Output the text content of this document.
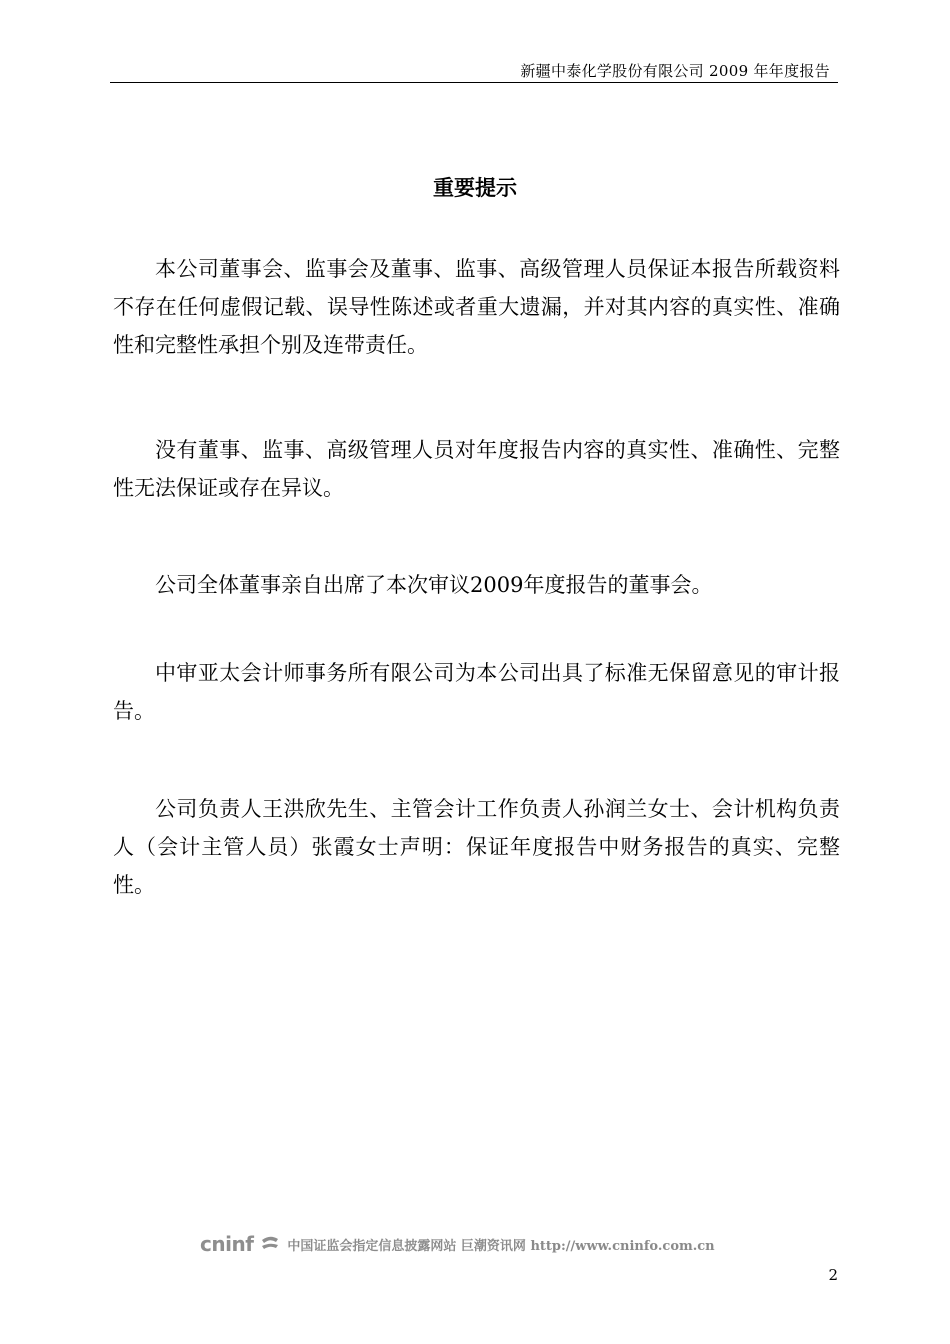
新疆中泰化学股份有限公司 2009 年年度报告
重要提示

本公司董事会、监事会及董事、监事、高级管理人员保证本报告所载资料不存在任何虚假记载、误导性陈述或者重大遗漏，并对其内容的真实性、准确性和完整性承担个别及连带责任。

没有董事、监事、高级管理人员对年度报告内容的真实性、准确性、完整性无法保证或存在异议。

公司全体董事亲自出席了本次审议2009年度报告的董事会。

中审亚太会计师事务所有限公司为本公司出具了标准无保留意见的审计报告。

公司负责人王洪欣先生、主管会计工作负责人孙润兰女士、会计机构负责人（会计主管人员）张霞女士声明：保证年度报告中财务报告的真实、完整性。

cninf	中国证监会指定信息披露网站 巨潮资讯网 http://www.cninfo.com.cn
2
